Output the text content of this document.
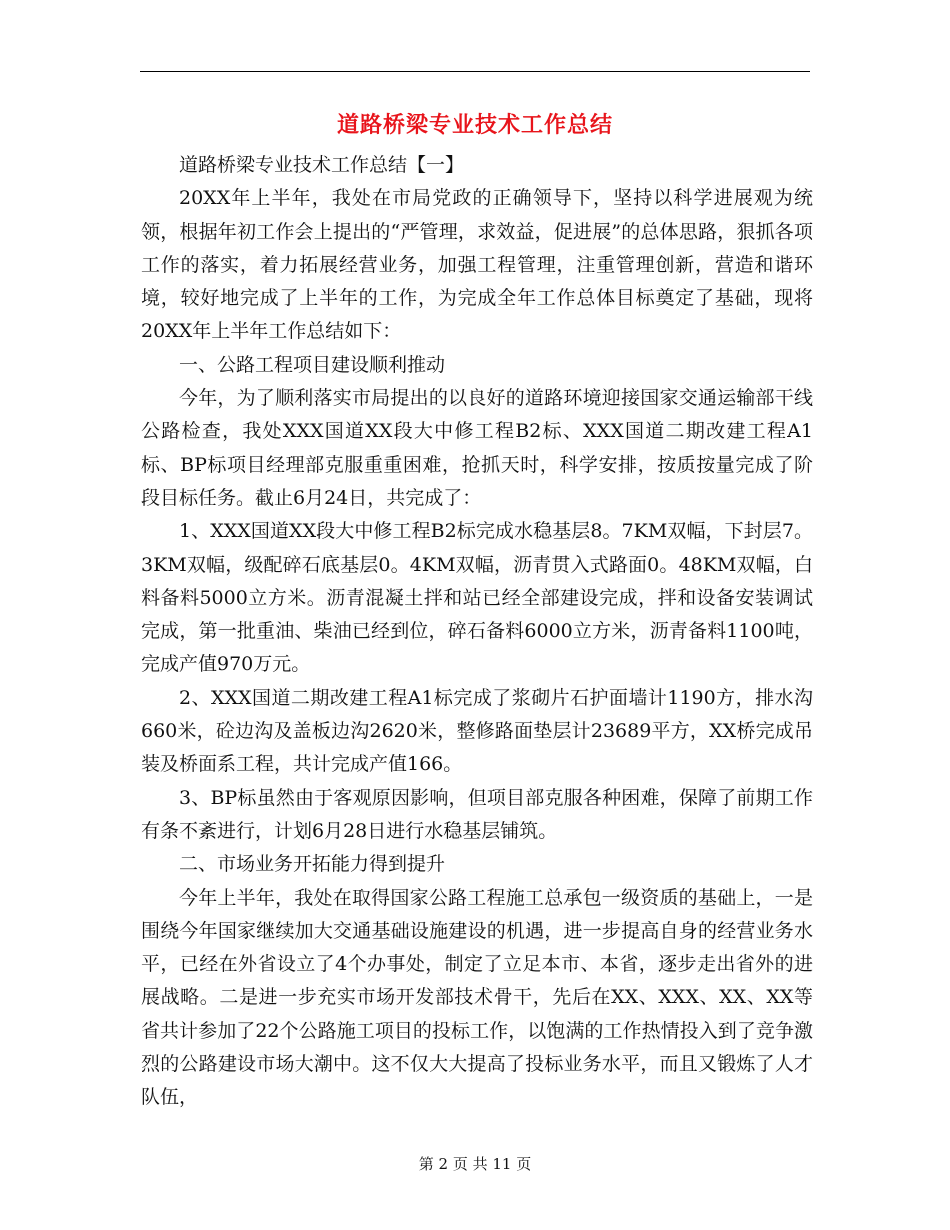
道路桥梁专业技术工作总结

道路桥梁专业技术工作总结【一】

20XX年上半年，我处在市局党政的正确领导下，坚持以科学进展观为统领，根据年初工作会上提出的“严管理，求效益，促进展”的总体思路，狠抓各项工作的落实，着力拓展经营业务，加强工程管理，注重管理创新，营造和谐环境，较好地完成了上半年的工作，为完成全年工作总体目标奠定了基础，现将20XX年上半年工作总结如下：

一、公路工程项目建设顺利推动

今年，为了顺利落实市局提出的以良好的道路环境迎接国家交通运输部干线公路检查，我处XXX国道XX段大中修工程B2标、XXX国道二期改建工程A1标、BP标项目经理部克服重重困难，抢抓天时，科学安排，按质按量完成了阶段目标任务。截止6月24日，共完成了：

1、XXX国道XX段大中修工程B2标完成水稳基层8。7KM双幅，下封层7。3KM双幅，级配碎石底基层0。4KM双幅，沥青贯入式路面0。48KM双幅，白料备料5000立方米。沥青混凝土拌和站已经全部建设完成，拌和设备安装调试完成，第一批重油、柴油已经到位，碎石备料6000立方米，沥青备料1100吨，完成产值970万元。

2、XXX国道二期改建工程A1标完成了浆砌片石护面墙计1190方，排水沟660米，砼边沟及盖板边沟2620米，整修路面垫层计23689平方，XX桥完成吊装及桥面系工程，共计完成产值166。

3、BP标虽然由于客观原因影响，但项目部克服各种困难，保障了前期工作有条不紊进行，计划6月28日进行水稳基层铺筑。

二、市场业务开拓能力得到提升

今年上半年，我处在取得国家公路工程施工总承包一级资质的基础上，一是围绕今年国家继续加大交通基础设施建设的机遇，进一步提高自身的经营业务水平，已经在外省设立了4个办事处，制定了立足本市、本省，逐步走出省外的进展战略。二是进一步充实市场开发部技术骨干，先后在XX、XXX、XX、XX等省共计参加了22个公路施工项目的投标工作，以饱满的工作热情投入到了竞争激烈的公路建设市场大潮中。这不仅大大提高了投标业务水平，而且又锻炼了人才队伍，

第 2 页 共 11 页
